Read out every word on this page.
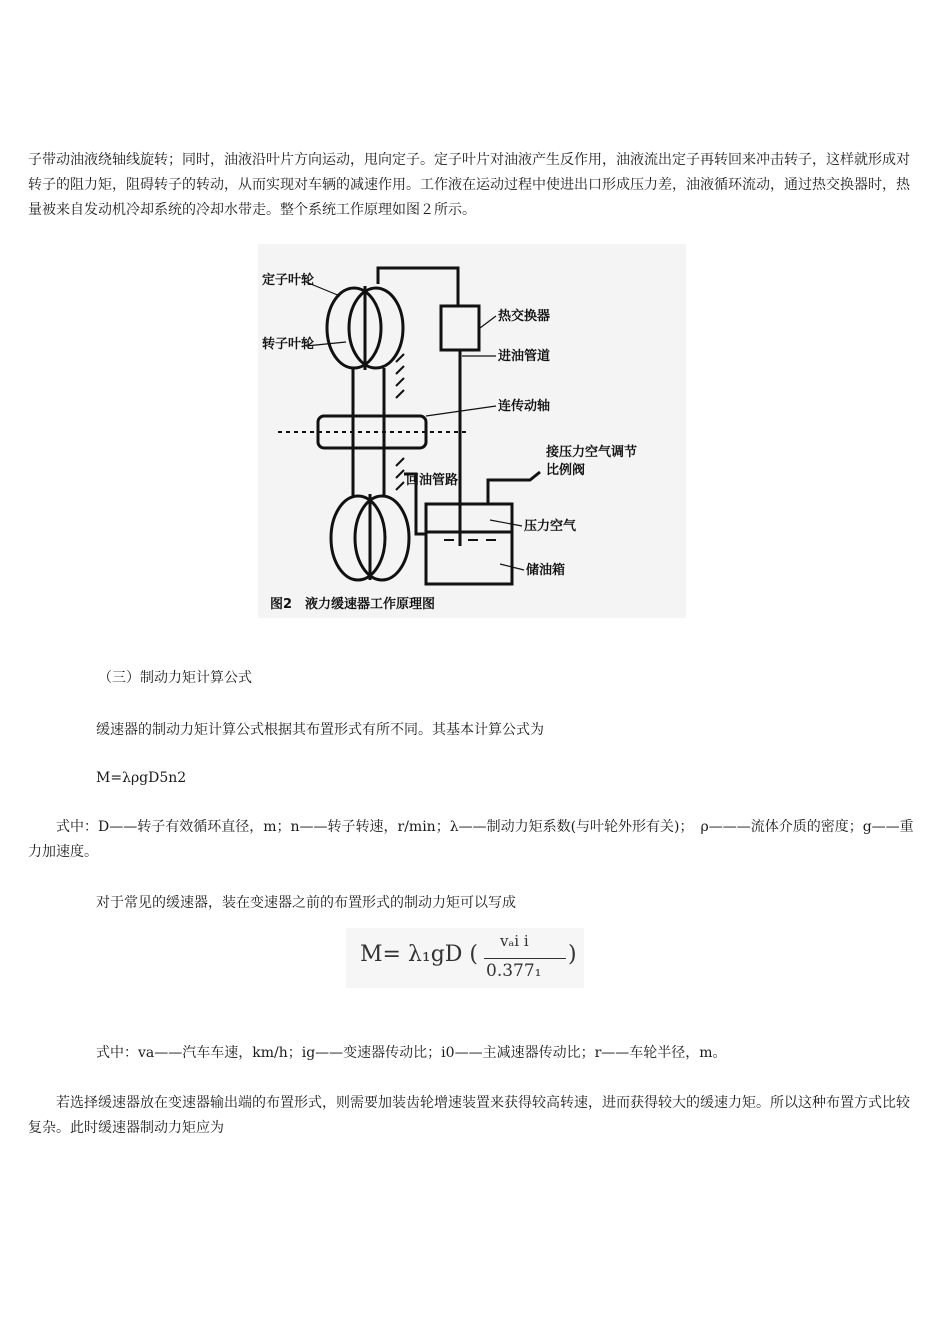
子带动油液绕轴线旋转；同时，油液沿叶片方向运动，甩向定子。定子叶片对油液产生反作用，油液流出定子再转回来冲击转子，这样就形成对转子的阻力矩，阻碍转子的转动，从而实现对车辆的减速作用。工作液在运动过程中使进出口形成压力差，油液循环流动，通过热交换器时，热量被来自发动机冷却系统的冷却水带走。整个系统工作原理如图２所示。

定子叶轮
转子叶轮
热交换器
进油管道
连传动轴
接压力空气调节
比例阀
回油管路
压力空气
储油箱
图2　液力缓速器工作原理图

（三）制动力矩计算公式

缓速器的制动力矩计算公式根据其布置形式有所不同。其基本计算公式为

M=λρgD5n2

式中：D——转子有效循环直径，m；n——转子转速，r/min；λ——制动力矩系数(与叶轮外形有关)；　ρ———流体介质的密度；g——重力加速度。

对于常见的缓速器，装在变速器之前的布置形式的制动力矩可以写成

M= λ₁gD (
vₐi i
0.377₁
)

式中：va——汽车车速，km/h；ig——变速器传动比；i0——主减速器传动比；r——车轮半径，m。

若选择缓速器放在变速器输出端的布置形式，则需要加装齿轮增速装置来获得较高转速，进而获得较大的缓速力矩。所以这种布置方式比较复杂。此时缓速器制动力矩应为
